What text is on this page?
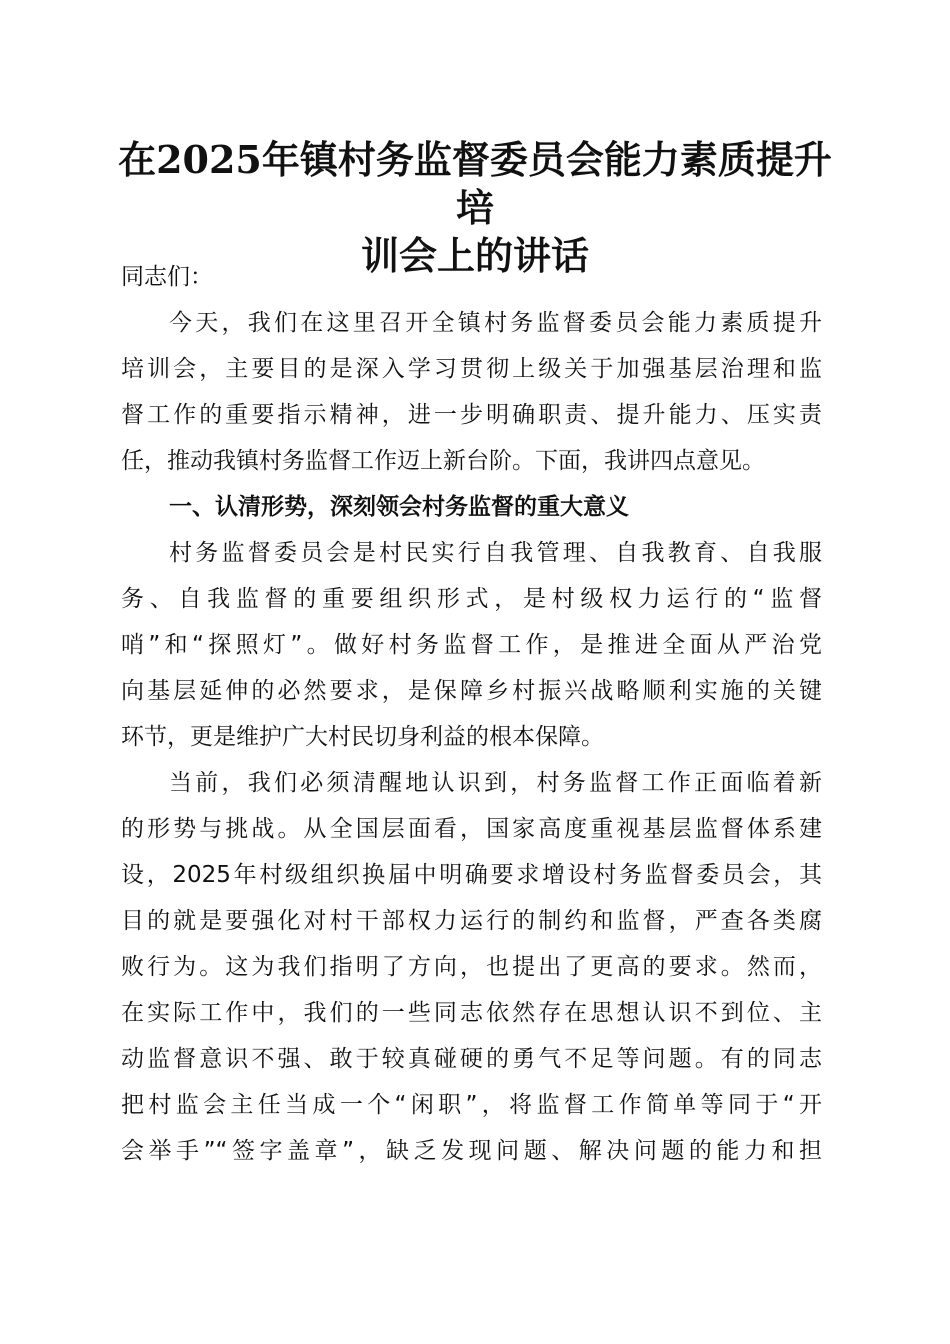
在2025年镇村务监督委员会能力素质提升培
训会上的讲话
同志们：
今天，我们在这里召开全镇村务监督委员会能力素质提升
培训会，主要目的是深入学习贯彻上级关于加强基层治理和监
督工作的重要指示精神，进一步明确职责、提升能力、压实责
任，推动我镇村务监督工作迈上新台阶。下面，我讲四点意见。
一、认清形势，深刻领会村务监督的重大意义
村务监督委员会是村民实行自我管理、自我教育、自我服
务、自我监督的重要组织形式，是村级权力运行的“监督
哨”和“探照灯”。做好村务监督工作，是推进全面从严治党
向基层延伸的必然要求，是保障乡村振兴战略顺利实施的关键
环节，更是维护广大村民切身利益的根本保障。
当前，我们必须清醒地认识到，村务监督工作正面临着新
的形势与挑战。从全国层面看，国家高度重视基层监督体系建
设，2025年村级组织换届中明确要求增设村务监督委员会，其
目的就是要强化对村干部权力运行的制约和监督，严查各类腐
败行为。这为我们指明了方向，也提出了更高的要求。然而，
在实际工作中，我们的一些同志依然存在思想认识不到位、主
动监督意识不强、敢于较真碰硬的勇气不足等问题。有的同志
把村监会主任当成一个“闲职”，将监督工作简单等同于“开
会举手”“签字盖章”，缺乏发现问题、解决问题的能力和担
